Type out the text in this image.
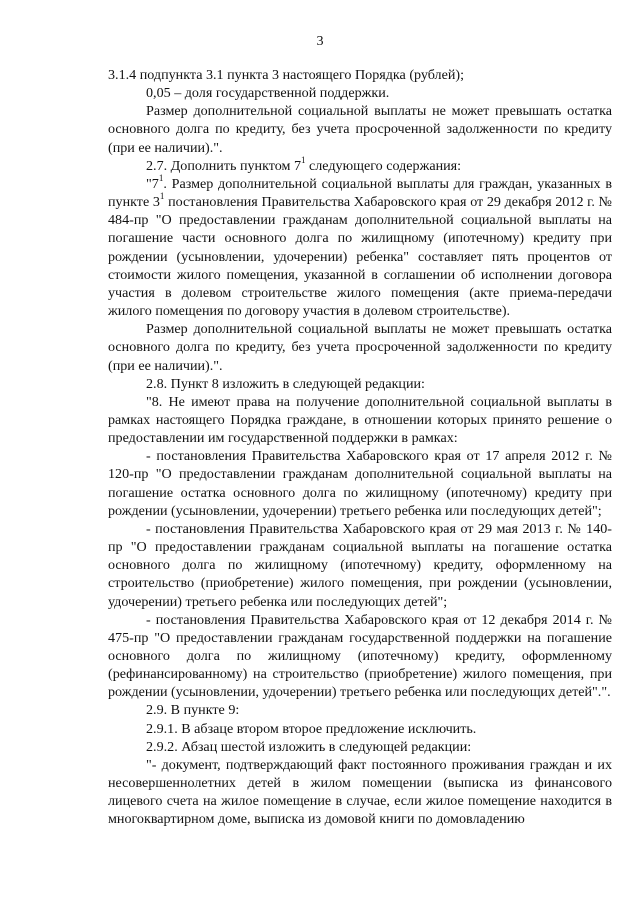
3

3.1.4 подпункта 3.1 пункта 3 настоящего Порядка (рублей);

0,05 – доля государственной поддержки.

Размер дополнительной социальной выплаты не может превышать остатка основного долга по кредиту, без учета просроченной задолженности по кредиту (при ее наличии).".

2.7. Дополнить пунктом $7^1$ следующего содержания:

"$7^1$. Размер дополнительной социальной выплаты для граждан, указанных в пункте $3^1$ постановления Правительства Хабаровского края от 29 декабря 2012 г. № 484-пр "О предоставлении гражданам дополнительной социальной выплаты на погашение части основного долга по жилищному (ипотечному) кредиту при рождении (усыновлении, удочерении) ребенка" составляет пять процентов от стоимости жилого помещения, указанной в соглашении об исполнении договора участия в долевом строительстве жилого помещения (акте приема-передачи жилого помещения по договору участия в долевом строительстве).

Размер дополнительной социальной выплаты не может превышать остатка основного долга по кредиту, без учета просроченной задолженности по кредиту (при ее наличии).".

2.8. Пункт 8 изложить в следующей редакции:

"8. Не имеют права на получение дополнительной социальной выплаты в рамках настоящего Порядка граждане, в отношении которых принято решение о предоставлении им государственной поддержки в рамках:

- постановления Правительства Хабаровского края от 17 апреля 2012 г. № 120-пр "О предоставлении гражданам дополнительной социальной выплаты на погашение остатка основного долга по жилищному (ипотечному) кредиту при рождении (усыновлении, удочерении) третьего ребенка или последующих детей";

- постановления Правительства Хабаровского края от 29 мая 2013 г. № 140-пр "О предоставлении гражданам социальной выплаты на погашение остатка основного долга по жилищному (ипотечному) кредиту, оформленному на строительство (приобретение) жилого помещения, при рождении (усыновлении, удочерении) третьего ребенка или последующих детей";

- постановления Правительства Хабаровского края от 12 декабря 2014 г. № 475-пр "О предоставлении гражданам государственной поддержки на погашение основного долга по жилищному (ипотечному) кредиту, оформленному (рефинансированному) на строительство (приобретение) жилого помещения, при рождении (усыновлении, удочерении) третьего ребенка или последующих детей".".

2.9. В пункте 9:

2.9.1. В абзаце втором второе предложение исключить.

2.9.2. Абзац шестой изложить в следующей редакции:

"- документ, подтверждающий факт постоянного проживания граждан и их несовершеннолетних детей в жилом помещении (выписка из финансового лицевого счета на жилое помещение в случае, если жилое помещение находится в многоквартирном доме, выписка из домовой книги по домовладению
